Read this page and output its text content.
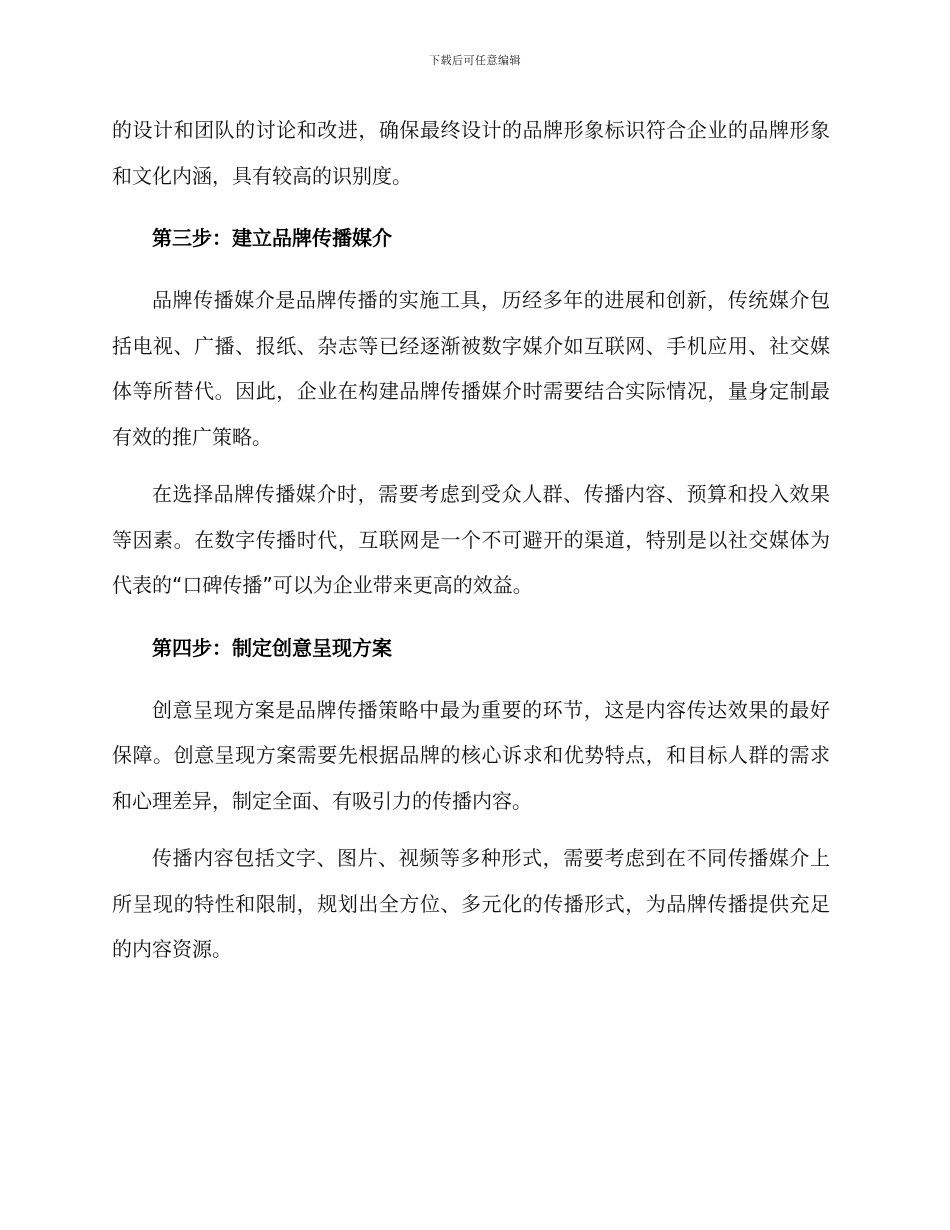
下载后可任意编辑

的设计和团队的讨论和改进，确保最终设计的品牌形象标识符合企业的品牌形象和文化内涵，具有较高的识别度。

第三步：建立品牌传播媒介

品牌传播媒介是品牌传播的实施工具，历经多年的进展和创新，传统媒介包括电视、广播、报纸、杂志等已经逐渐被数字媒介如互联网、手机应用、社交媒体等所替代。因此，企业在构建品牌传播媒介时需要结合实际情况，量身定制最有效的推广策略。

在选择品牌传播媒介时，需要考虑到受众人群、传播内容、预算和投入效果等因素。在数字传播时代，互联网是一个不可避开的渠道，特别是以社交媒体为代表的“口碑传播”可以为企业带来更高的效益。

第四步：制定创意呈现方案

创意呈现方案是品牌传播策略中最为重要的环节，这是内容传达效果的最好保障。创意呈现方案需要先根据品牌的核心诉求和优势特点，和目标人群的需求和心理差异，制定全面、有吸引力的传播内容。

传播内容包括文字、图片、视频等多种形式，需要考虑到在不同传播媒介上所呈现的特性和限制，规划出全方位、多元化的传播形式，为品牌传播提供充足的内容资源。
